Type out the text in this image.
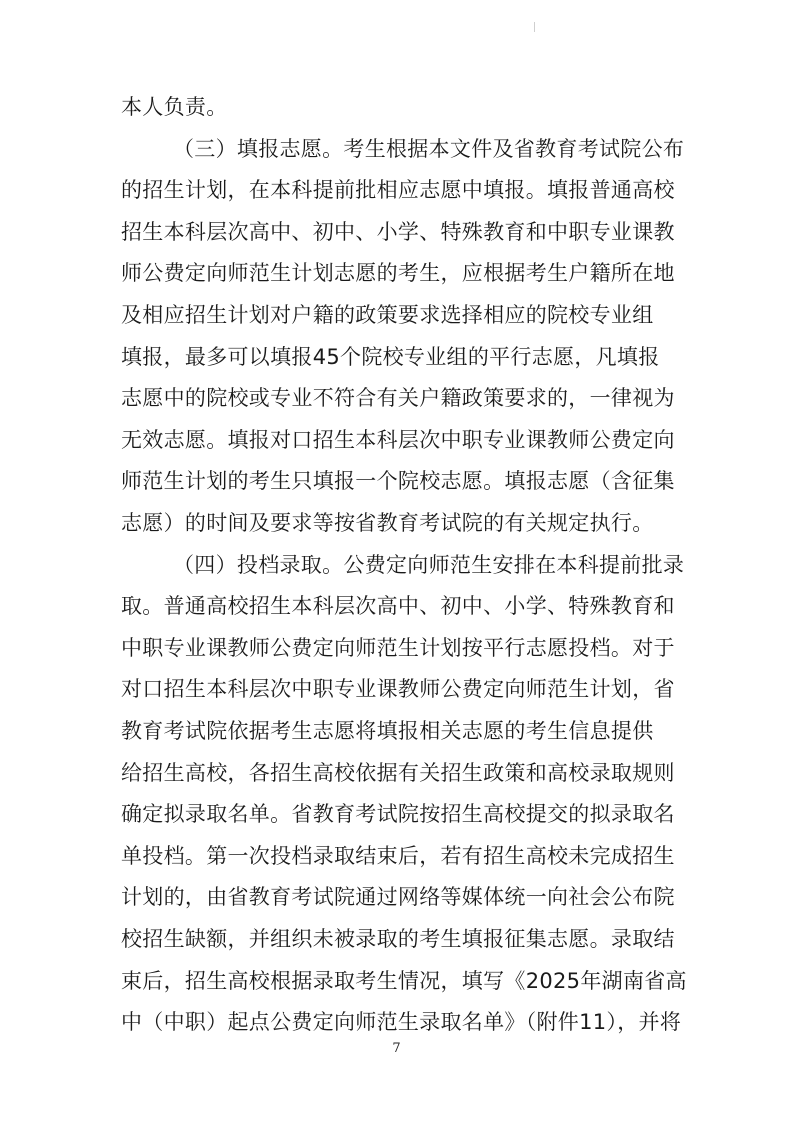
7
本人负责。
（三）填报志愿。考生根据本文件及省教育考试院公布
的招生计划，在本科提前批相应志愿中填报。填报普通高校
招生本科层次高中、初中、小学、特殊教育和中职专业课教
师公费定向师范生计划志愿的考生，应根据考生户籍所在地
及相应招生计划对户籍的政策要求选择相应的院校专业组
填报，最多可以填报45个院校专业组的平行志愿，凡填报
志愿中的院校或专业不符合有关户籍政策要求的，一律视为
无效志愿。填报对口招生本科层次中职专业课教师公费定向
师范生计划的考生只填报一个院校志愿。填报志愿（含征集
志愿）的时间及要求等按省教育考试院的有关规定执行。
（四）投档录取。公费定向师范生安排在本科提前批录
取。普通高校招生本科层次高中、初中、小学、特殊教育和
中职专业课教师公费定向师范生计划按平行志愿投档。对于
对口招生本科层次中职专业课教师公费定向师范生计划，省
教育考试院依据考生志愿将填报相关志愿的考生信息提供
给招生高校，各招生高校依据有关招生政策和高校录取规则
确定拟录取名单。省教育考试院按招生高校提交的拟录取名
单投档。第一次投档录取结束后，若有招生高校未完成招生
计划的，由省教育考试院通过网络等媒体统一向社会公布院
校招生缺额，并组织未被录取的考生填报征集志愿。录取结
束后，招生高校根据录取考生情况，填写《2025年湖南省高
中（中职）起点公费定向师范生录取名单》（附件11），并将
